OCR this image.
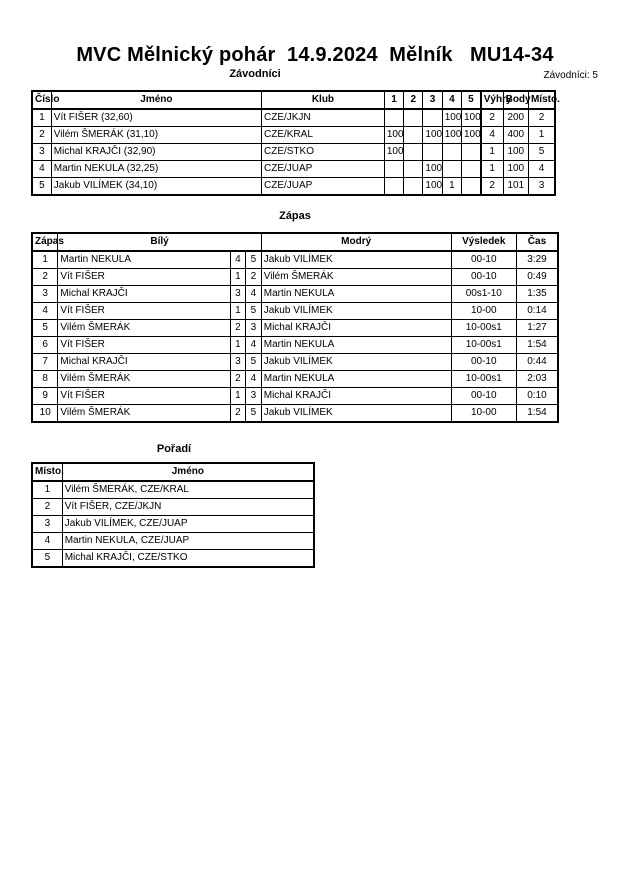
MVC Mělnický pohár  14.9.2024  Mělník   MU14-34
Závodníci	Závodníci: 5
Číslo	Jméno	Klub	1	2	3	4	5	Výhry	Body	Místo.
1	Vít FIŠER (32,60)	CZE/JKJN				100	100	2	200	2
2	Vilém ŠMERÁK (31,10)	CZE/KRAL	100		100	100	100	4	400	1
3	Michal KRAJČI (32,90)	CZE/STKO	100					1	100	5
4	Martin NEKULA (32,25)	CZE/JUAP			100			1	100	4
5	Jakub VILÍMEK (34,10)	CZE/JUAP			100	1		2	101	3
Zápas
Zápas	Bílý			Modrý	Výsledek	Čas
1	Martin NEKULA	4	5	Jakub VILÍMEK	00-10	3:29
2	Vít FIŠER	1	2	Vilém ŠMERÁK	00-10	0:49
3	Michal KRAJČI	3	4	Martin NEKULA	00s1-10	1:35
4	Vít FIŠER	1	5	Jakub VILÍMEK	10-00	0:14
5	Vilém ŠMERÁK	2	3	Michal KRAJČI	10-00s1	1:27
6	Vít FIŠER	1	4	Martin NEKULA	10-00s1	1:54
7	Michal KRAJČI	3	5	Jakub VILÍMEK	00-10	0:44
8	Vilém ŠMERÁK	2	4	Martin NEKULA	10-00s1	2:03
9	Vít FIŠER	1	3	Michal KRAJČI	00-10	0:10
10	Vilém ŠMERÁK	2	5	Jakub VILÍMEK	10-00	1:54
Pořadí
Místo.	Jméno
1	Vilém ŠMERÁK, CZE/KRAL
2	Vít FIŠER, CZE/JKJN
3	Jakub VILÍMEK, CZE/JUAP
4	Martin NEKULA, CZE/JUAP
5	Michal KRAJČI, CZE/STKO
